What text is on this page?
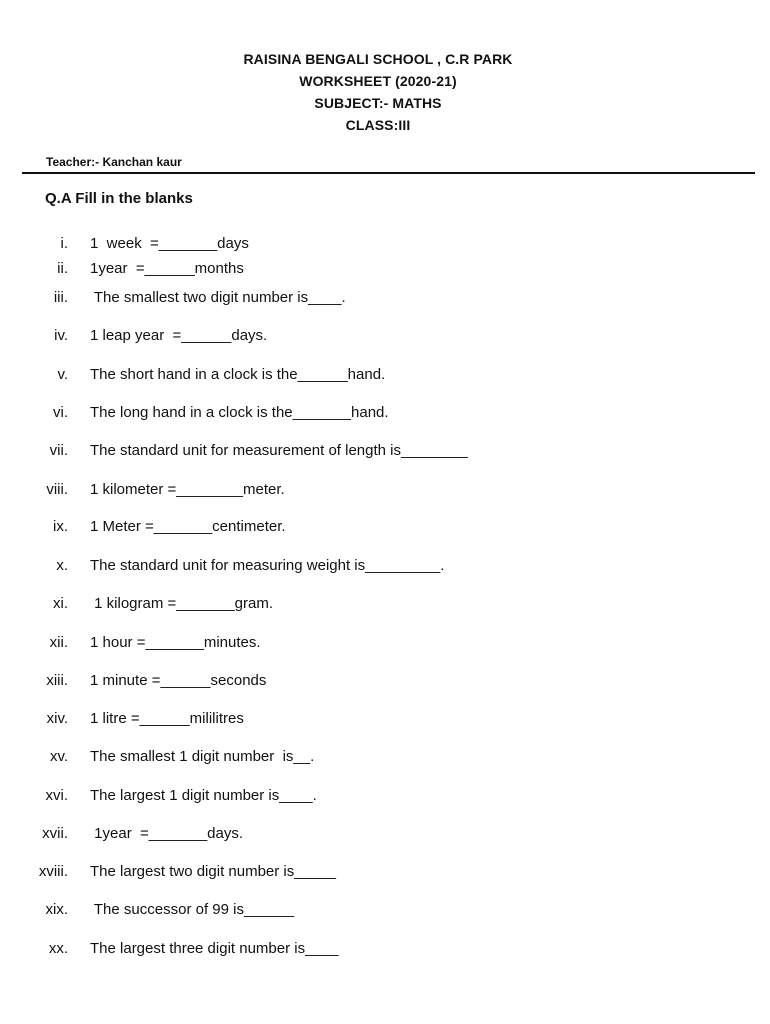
RAISINA BENGALI SCHOOL , C.R PARK
WORKSHEET (2020-21)
SUBJECT:- MATHS
CLASS:III
Teacher:- Kanchan kaur
Q.A Fill in the blanks
i. 1  week  =_______days
ii. 1year  =______months
iii. The smallest two digit number is____.
iv. 1 leap year  =______days.
v. The short hand in a clock is the______hand.
vi. The long hand in a clock is the_______hand.
vii. The standard unit for measurement of length is________
viii. 1 kilometer =________meter.
ix. 1 Meter =_______centimeter.
x. The standard unit for measuring weight is_________.
xi. 1 kilogram =_______gram.
xii. 1 hour =_______minutes.
xiii. 1 minute =______seconds
xiv. 1 litre =______mililitres
xv. The smallest 1 digit number  is__.
xvi. The largest 1 digit number is____.
xvii. 1year  =_______days.
xviii. The largest two digit number is_____
xix. The successor of 99 is______
xx. The largest three digit number is____
